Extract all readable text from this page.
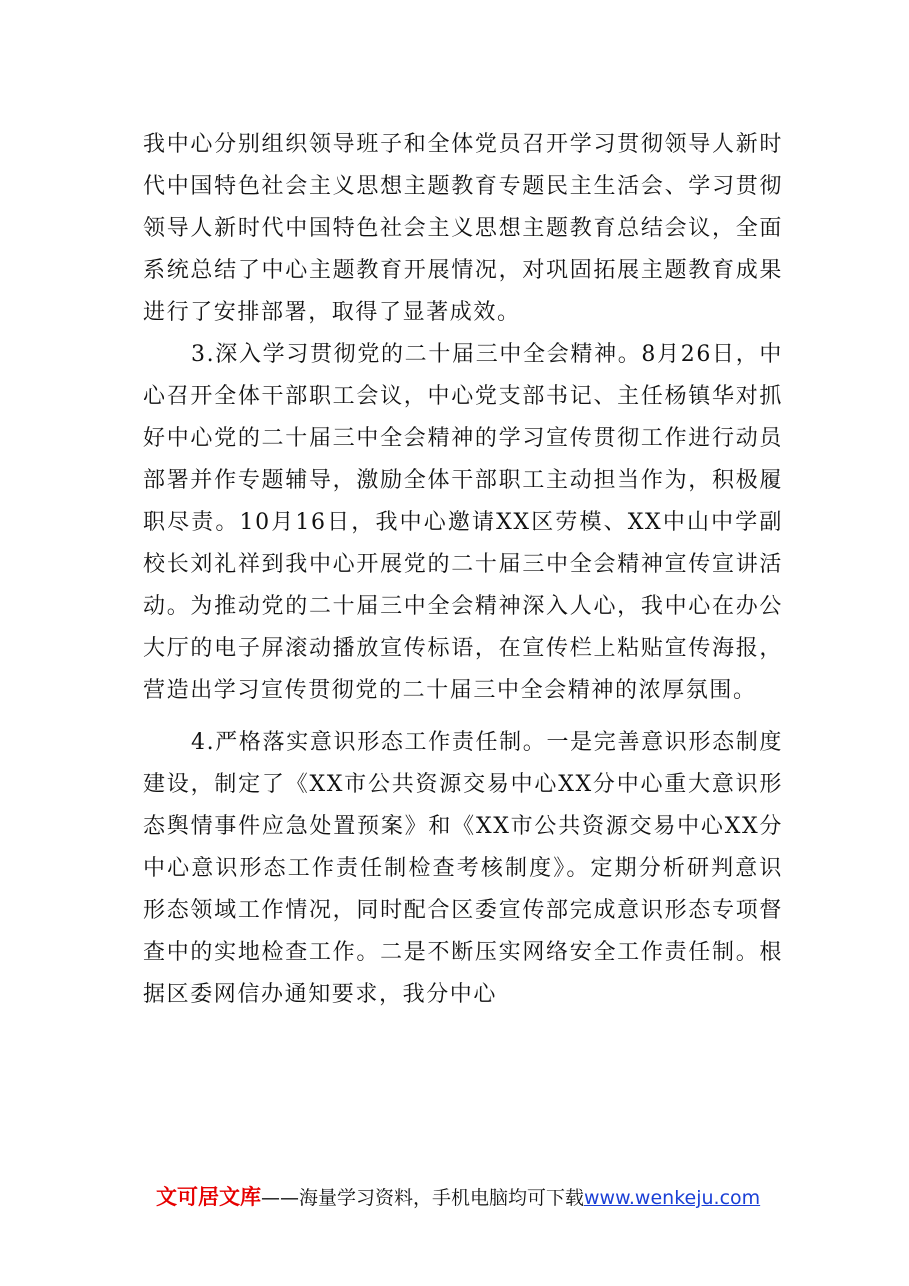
我中心分别组织领导班子和全体党员召开学习贯彻领导人新时代中国特色社会主义思想主题教育专题民主生活会、学习贯彻领导人新时代中国特色社会主义思想主题教育总结会议，全面系统总结了中心主题教育开展情况，对巩固拓展主题教育成果进行了安排部署，取得了显著成效。

3.深入学习贯彻党的二十届三中全会精神。8月26日，中心召开全体干部职工会议，中心党支部书记、主任杨镇华对抓好中心党的二十届三中全会精神的学习宣传贯彻工作进行动员部署并作专题辅导，激励全体干部职工主动担当作为，积极履职尽责。10月16日，我中心邀请XX区劳模、XX中山中学副校长刘礼祥到我中心开展党的二十届三中全会精神宣传宣讲活动。为推动党的二十届三中全会精神深入人心，我中心在办公大厅的电子屏滚动播放宣传标语，在宣传栏上粘贴宣传海报，营造出学习宣传贯彻党的二十届三中全会精神的浓厚氛围。

4.严格落实意识形态工作责任制。一是完善意识形态制度建设，制定了《XX市公共资源交易中心XX分中心重大意识形态舆情事件应急处置预案》和《XX市公共资源交易中心XX分中心意识形态工作责任制检查考核制度》。定期分析研判意识形态领域工作情况，同时配合区委宣传部完成意识形态专项督查中的实地检查工作。二是不断压实网络安全工作责任制。根据区委网信办通知要求，我分中心

文可居文库——海量学习资料，手机电脑均可下载www.wenkeju.com
